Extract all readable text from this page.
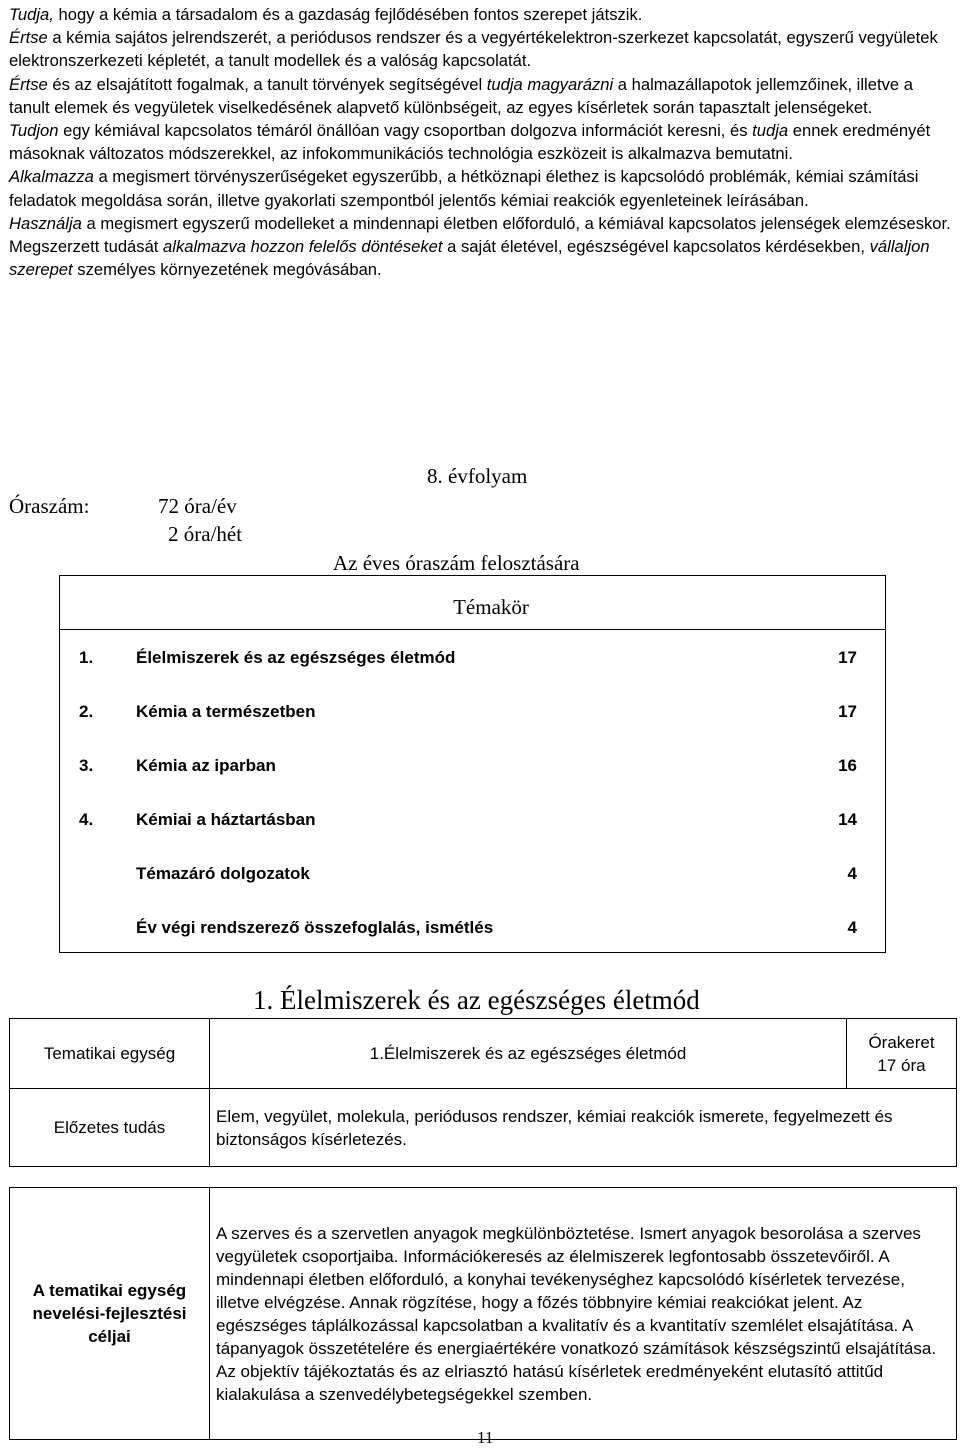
Tudja, hogy a kémia a társadalom és a gazdaság fejlődésében fontos szerepet játszik.

Értse a kémia sajátos jelrendszerét, a periódusos rendszer és a vegyértékelektron-szerkezet kapcsolatát, egyszerű vegyületek elektronszerkezeti képletét, a tanult modellek és a valóság kapcsolatát.

Értse és az elsajátított fogalmak, a tanult törvények segítségével tudja magyarázni a halmazállapotok jellemzőinek, illetve a tanult elemek és vegyületek viselkedésének alapvető különbségeit, az egyes kísérletek során tapasztalt jelenségeket.

Tudjon egy kémiával kapcsolatos témáról önállóan vagy csoportban dolgozva információt keresni, és tudja ennek eredményét másoknak változatos módszerekkel, az infokommunikációs technológia eszközeit is alkalmazva bemutatni.

Alkalmazza a megismert törvényszerűségeket egyszerűbb, a hétköznapi élethez is kapcsolódó problémák, kémiai számítási feladatok megoldása során, illetve gyakorlati szempontból jelentős kémiai reakciók egyenleteinek leírásában.

Használja a megismert egyszerű modelleket a mindennapi életben előforduló, a kémiával kapcsolatos jelenségek elemzéseskor.

Megszerzett tudását alkalmazva hozzon felelős döntéseket a saját életével, egészségével kapcsolatos kérdésekben, vállaljon szerepet személyes környezetének megóvásában.

Óraszám:	72 óra/év
2 óra/hét
8. évfolyam
Az éves óraszám felosztására
Témakör
1.	Élelmiszerek és az egészséges életmód	17
2.	Kémia a természetben	17
3.	Kémia az iparban	16
4.	Kémiai a háztartásban	14
Témazáró dolgozatok	4
Év végi rendszerező összefoglalás, ismétlés	4
1. Élelmiszerek és az egészséges életmód
Tematikai egység	1.Élelmiszerek és az egészséges életmód	Órakeret
17 óra

Előzetes tudás	Elem, vegyület, molekula, periódusos rendszer, kémiai reakciók ismerete, fegyelmezett és biztonságos kísérletezés.	

A tematikai egység nevelési-fejlesztési céljai	A szerves és a szervetlen anyagok megkülönböztetése. Ismert anyagok besorolása a szerves vegyületek csoportjaiba. Információkeresés az élelmiszerek legfontosabb összetevőiről. A mindennapi életben előforduló, a konyhai tevékenységhez kapcsolódó kísérletek tervezése, illetve elvégzése. Annak rögzítése, hogy a főzés többnyire kémiai reakciókat jelent. Az egészséges táplálkozással kapcsolatban a kvalitatív és a kvantitatív szemlélet elsajátítása. A tápanyagok összetételére és energiaértékére vonatkozó számítások készségszintű elsajátítása. Az objektív tájékoztatás és az elriasztó hatású kísérletek eredményeként elutasító attitűd kialakulása a szenvedélybetegségekkel szemben.	
11
